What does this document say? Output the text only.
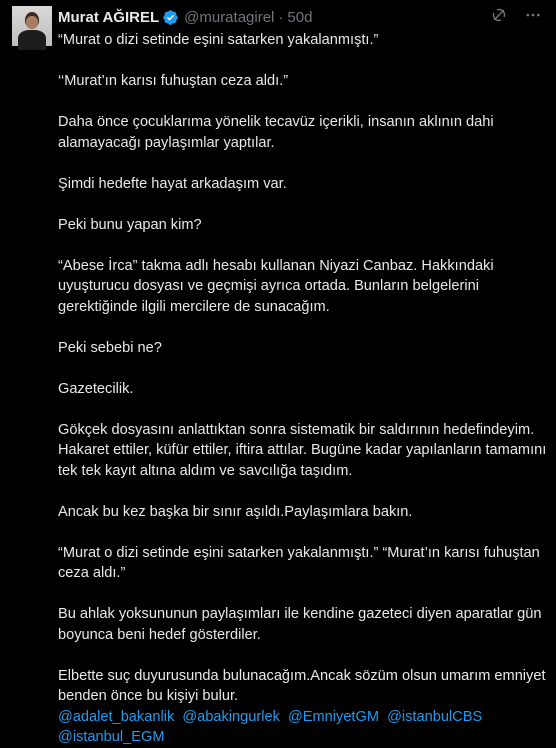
Murat AĞIREL @muratagirel · 50d

“Murat o dizi setinde eşini satarken yakalanmıştı.”

‘‘Murat’ın karısı fuhuştan ceza aldı.”

Daha önce çocuklarıma yönelik tecavüz içerikli, insanın aklının dahi alamayacağı paylaşımlar yaptılar.

Şimdi hedefte hayat arkadaşım var.

Peki bunu yapan kim?

“Abese İrca” takma adlı hesabı kullanan Niyazi Canbaz. Hakkındaki uyuşturucu dosyası ve geçmişi ayrıca ortada. Bunların belgelerini gerektiğinde ilgili mercilere de sunacağım.

Peki sebebi ne?

Gazetecilik.

Gökçek dosyasını anlattıktan sonra sistematik bir saldırının hedefindeyim. Hakaret ettiler, küfür ettiler, iftira attılar. Bugüne kadar yapılanların tamamını tek tek kayıt altına aldım ve savcılığa taşıdım.

Ancak bu kez başka bir sınır aşıldı.Paylaşımlara bakın.

“Murat o dizi setinde eşini satarken yakalanmıştı.” “Murat’ın karısı fuhuştan ceza aldı.”

Bu ahlak yoksununun paylaşımları ile kendine gazeteci diyen aparatlar gün boyunca beni hedef gösterdiler.

Elbette suç duyurusunda bulunacağım.Ancak sözüm olsun umarım emniyet benden önce bu kişiyi bulur.

@adalet_bakanlik @abakingurlek @EmniyetGM @istanbulCBS @istanbul_EGM
